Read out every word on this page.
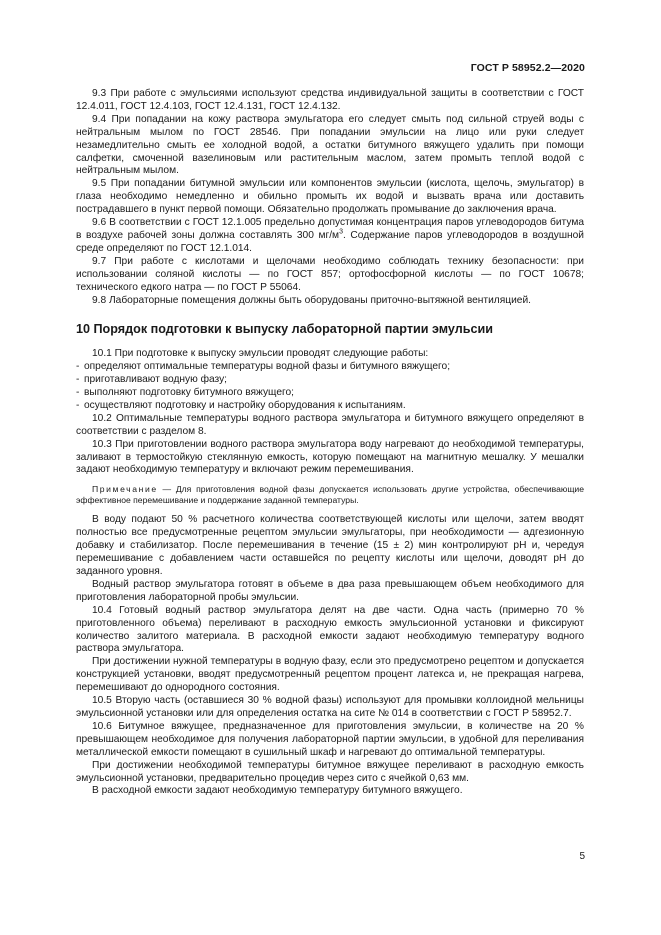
ГОСТ Р 58952.2—2020

9.3 При работе с эмульсиями используют средства индивидуальной защиты в соответствии с ГОСТ 12.4.011, ГОСТ 12.4.103, ГОСТ 12.4.131, ГОСТ 12.4.132.

9.4 При попадании на кожу раствора эмульгатора его следует смыть под сильной струей воды с нейтральным мылом по ГОСТ 28546. При попадании эмульсии на лицо или руки следует незамедлительно смыть ее холодной водой, а остатки битумного вяжущего удалить при помощи салфетки, смоченной вазелиновым или растительным маслом, затем промыть теплой водой с нейтральным мылом.

9.5 При попадании битумной эмульсии или компонентов эмульсии (кислота, щелочь, эмульгатор) в глаза необходимо немедленно и обильно промыть их водой и вызвать врача или доставить пострадавшего в пункт первой помощи. Обязательно продолжать промывание до заключения врача.

9.6 В соответствии с ГОСТ 12.1.005 предельно допустимая концентрация паров углеводородов битума в воздухе рабочей зоны должна составлять 300 $мг/м^3$. Содержание паров углеводородов в воздушной среде определяют по ГОСТ 12.1.014.

9.7 При работе с кислотами и щелочами необходимо соблюдать технику безопасности: при использовании соляной кислоты — по ГОСТ 857; ортофосфорной кислоты — по ГОСТ 10678; технического едкого натра — по ГОСТ Р 55064.

9.8 Лабораторные помещения должны быть оборудованы приточно-вытяжной вентиляцией.

10 Порядок подготовки к выпуску лабораторной партии эмульсии

10.1 При подготовке к выпуску эмульсии проводят следующие работы:

- определяют оптимальные температуры водной фазы и битумного вяжущего;
- приготавливают водную фазу;
- выполняют подготовку битумного вяжущего;
- осуществляют подготовку и настройку оборудования к испытаниям.

10.2 Оптимальные температуры водного раствора эмульгатора и битумного вяжущего определяют в соответствии с разделом 8.

10.3 При приготовлении водного раствора эмульгатора воду нагревают до необходимой температуры, заливают в термостойкую стеклянную емкость, которую помещают на магнитную мешалку. У мешалки задают необходимую температуру и включают режим перемешивания.

Примечание — Для приготовления водной фазы допускается использовать другие устройства, обеспечивающие эффективное перемешивание и поддержание заданной температуры.

В воду подают 50 % расчетного количества соответствующей кислоты или щелочи, затем вводят полностью все предусмотренные рецептом эмульсии эмульгаторы, при необходимости — адгезионную добавку и стабилизатор. После перемешивания в течение (15 ± 2) мин контролируют рН и, чередуя перемешивание с добавлением части оставшейся по рецепту кислоты или щелочи, доводят рН до заданного уровня.

Водный раствор эмульгатора готовят в объеме в два раза превышающем объем необходимого для приготовления лабораторной пробы эмульсии.

10.4 Готовый водный раствор эмульгатора делят на две части. Одна часть (примерно 70 % приготовленного объема) переливают в расходную емкость эмульсионной установки и фиксируют количество залитого материала. В расходной емкости задают необходимую температуру водного раствора эмульгатора.

При достижении нужной температуры в водную фазу, если это предусмотрено рецептом и допускается конструкцией установки, вводят предусмотренный рецептом процент латекса и, не прекращая нагрева, перемешивают до однородного состояния.

10.5 Вторую часть (оставшиеся 30 % водной фазы) используют для промывки коллоидной мельницы эмульсионной установки или для определения остатка на сите № 014 в соответствии с ГОСТ Р 58952.7.

10.6 Битумное вяжущее, предназначенное для приготовления эмульсии, в количестве на 20 % превышающем необходимое для получения лабораторной партии эмульсии, в удобной для переливания металлической емкости помещают в сушильный шкаф и нагревают до оптимальной температуры.

При достижении необходимой температуры битумное вяжущее переливают в расходную емкость эмульсионной установки, предварительно процедив через сито с ячейкой 0,63 мм.

В расходной емкости задают необходимую температуру битумного вяжущего.

5
